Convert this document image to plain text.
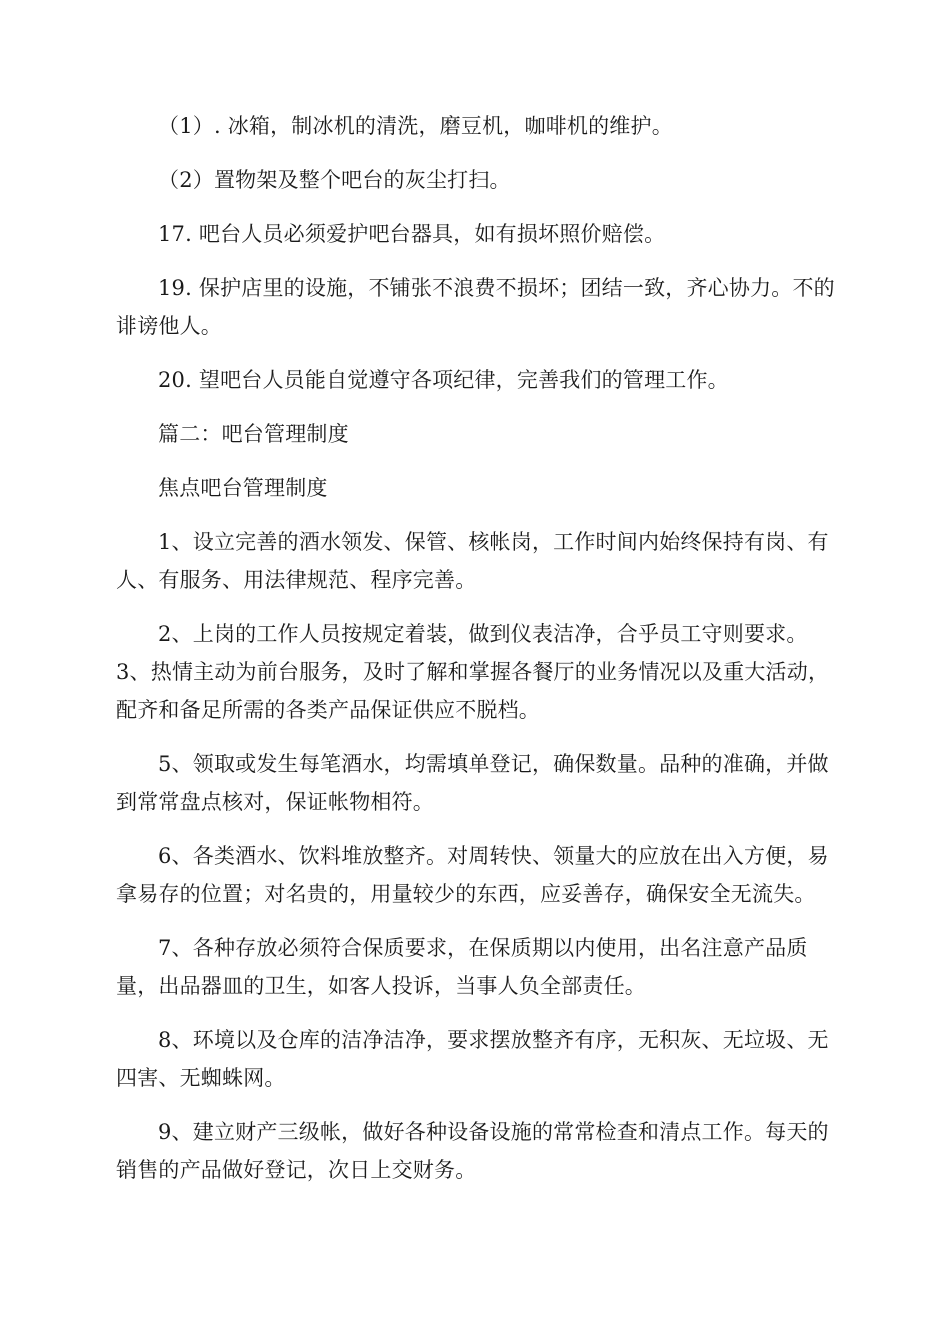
（1）. 冰箱，制冰机的清洗，磨豆机，咖啡机的维护。

（2）置物架及整个吧台的灰尘打扫。

17. 吧台人员必须爱护吧台器具，如有损坏照价赔偿。

19. 保护店里的设施，不铺张不浪费不损坏；团结一致，齐心协力。不的诽谤他人。

20. 望吧台人员能自觉遵守各项纪律，完善我们的管理工作。

篇二：吧台管理制度

焦点吧台管理制度

1、设立完善的酒水领发、保管、核帐岗，工作时间内始终保持有岗、有人、有服务、用法律规范、程序完善。

2、上岗的工作人员按规定着装，做到仪表洁净，合乎员工守则要求。3、热情主动为前台服务，及时了解和掌握各餐厅的业务情况以及重大活动，配齐和备足所需的各类产品保证供应不脱档。

5、领取或发生每笔酒水，均需填单登记，确保数量。品种的准确，并做到常常盘点核对，保证帐物相符。

6、各类酒水、饮料堆放整齐。对周转快、领量大的应放在出入方便，易拿易存的位置；对名贵的，用量较少的东西，应妥善存，确保安全无流失。

7、各种存放必须符合保质要求，在保质期以内使用，出名注意产品质量，出品器皿的卫生，如客人投诉，当事人负全部责任。

8、环境以及仓库的洁净洁净，要求摆放整齐有序，无积灰、无垃圾、无四害、无蜘蛛网。

9、建立财产三级帐，做好各种设备设施的常常检查和清点工作。每天的销售的产品做好登记，次日上交财务。
